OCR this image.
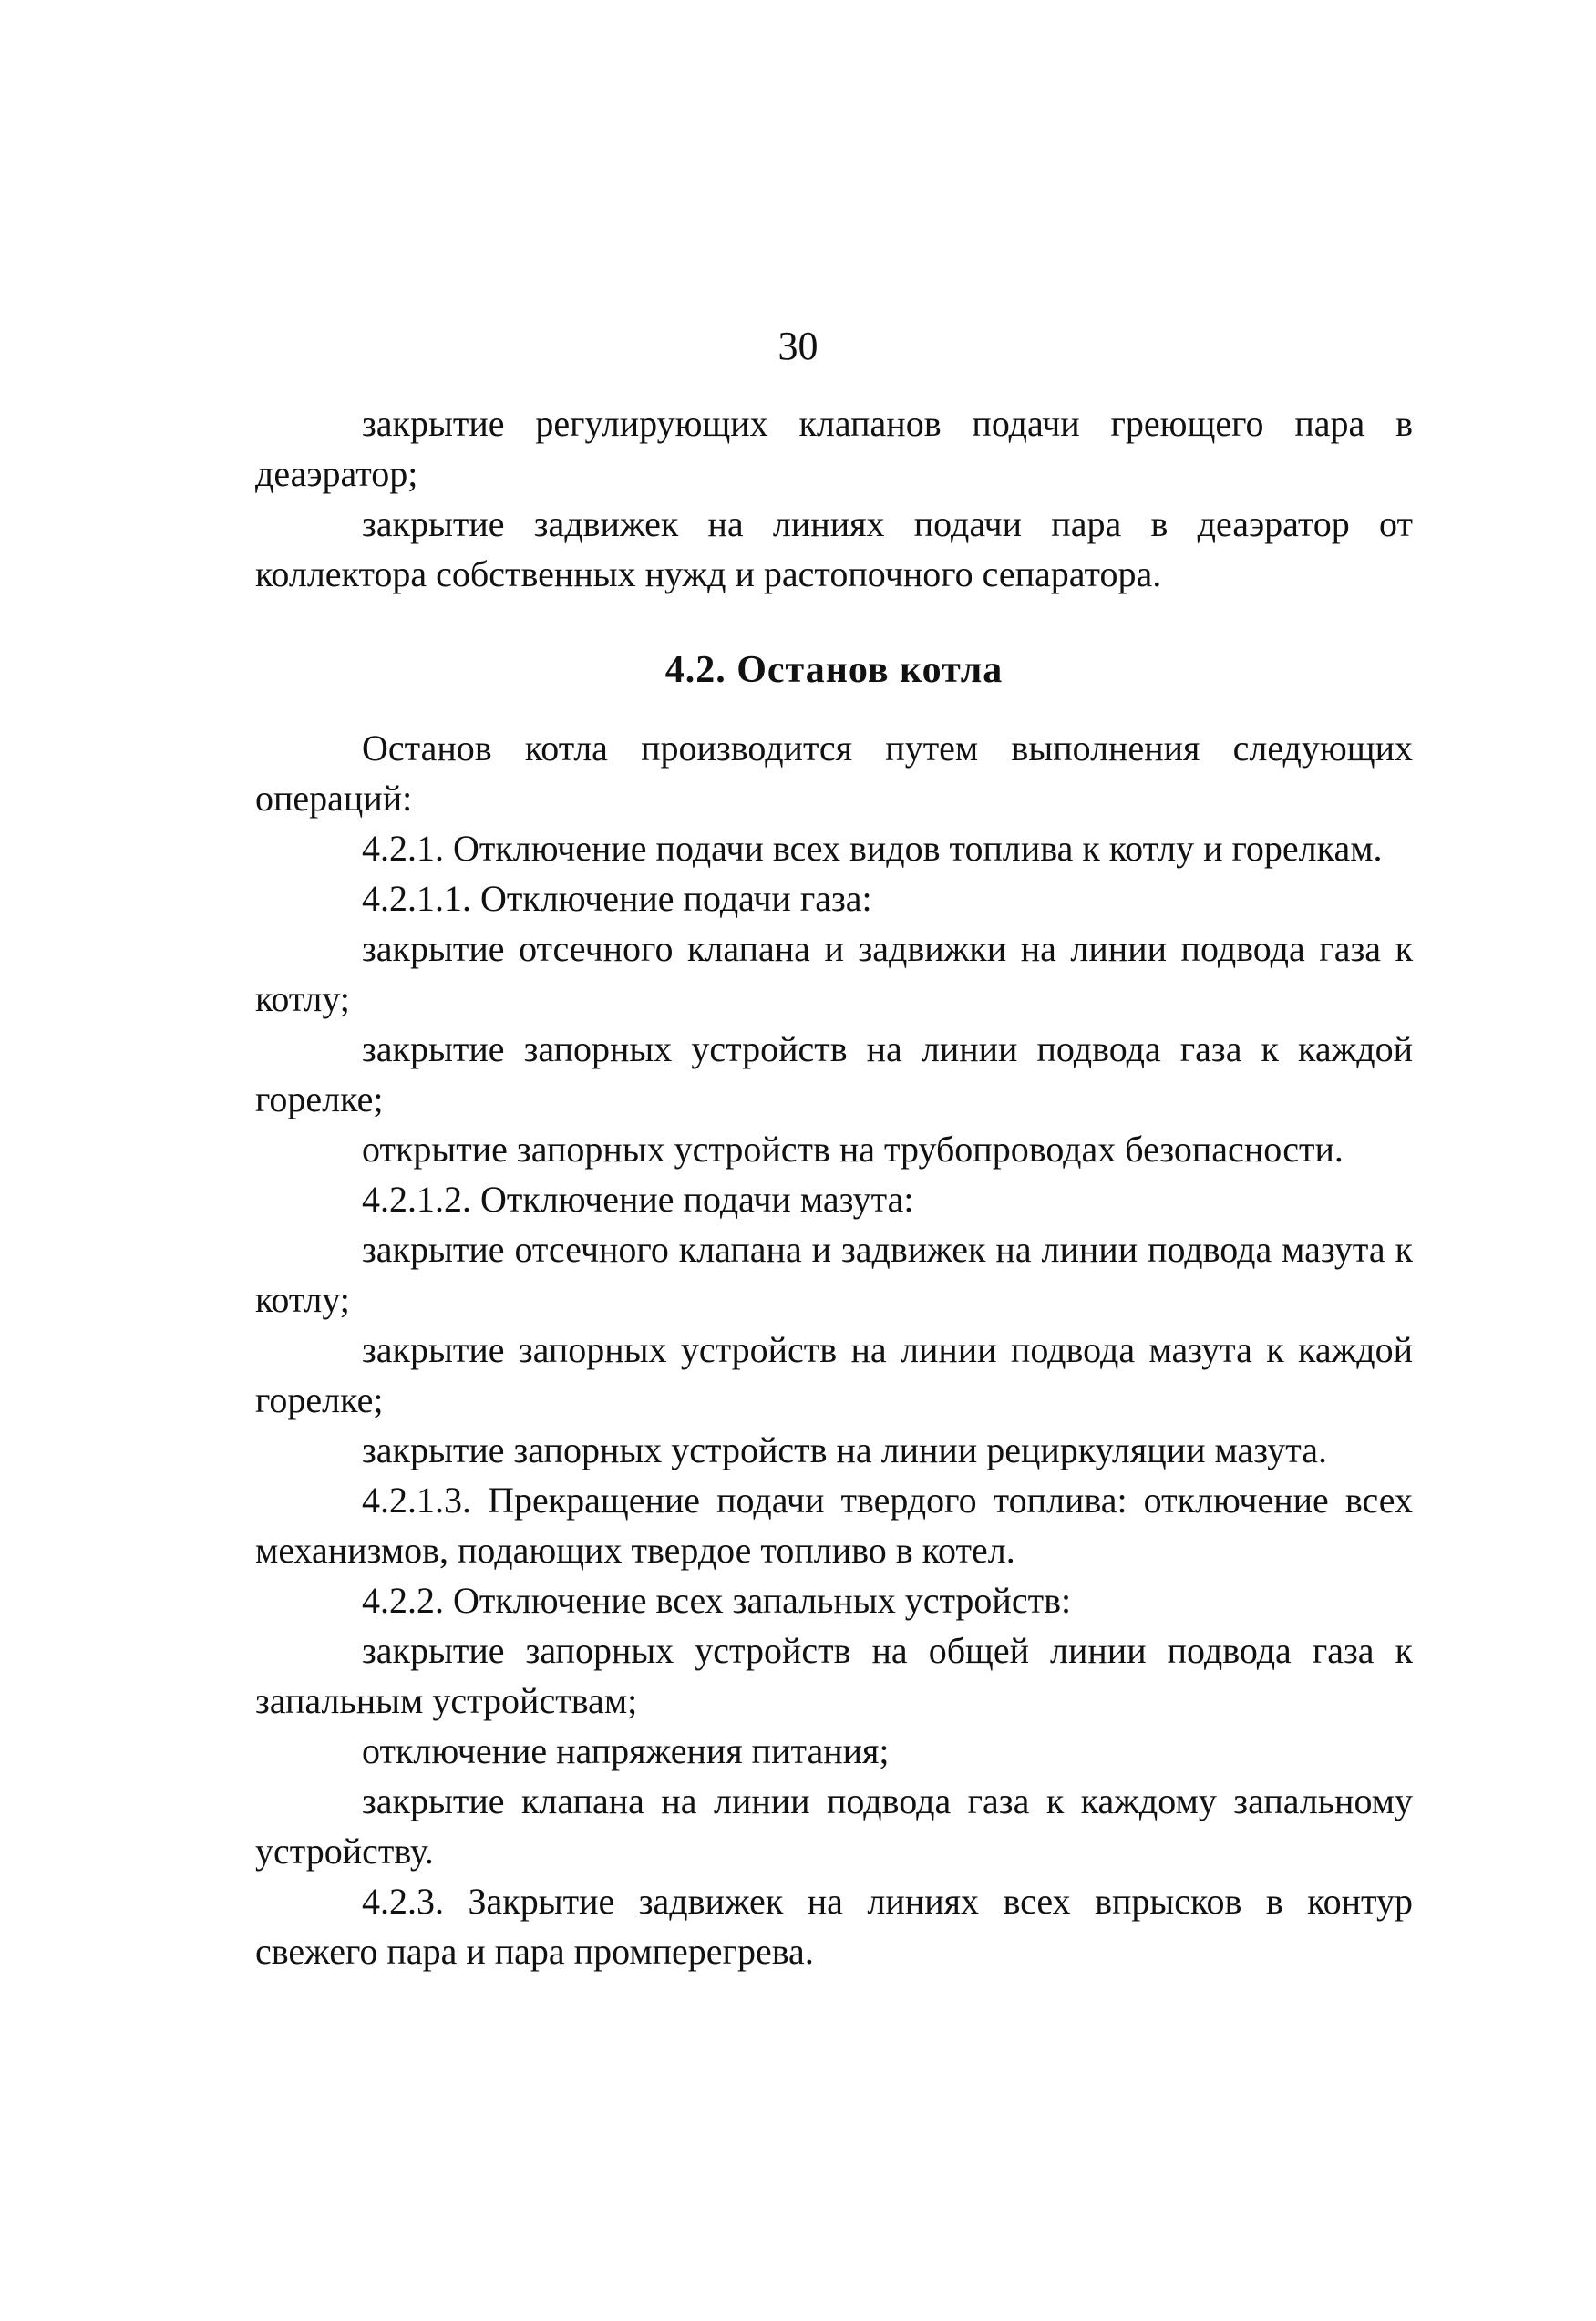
30

закрытие регулирующих клапанов подачи греющего пара в деаэратор;

закрытие задвижек на линиях подачи пара в деаэратор от коллектора собственных нужд и растопочного сепаратора.

4.2. Останов котла

Останов котла производится путем выполнения следующих операций:

4.2.1. Отключение подачи всех видов топлива к котлу и горелкам.

4.2.1.1. Отключение подачи газа:

закрытие отсечного клапана и задвижки на линии подвода газа к котлу;

закрытие запорных устройств на линии подвода газа к каждой горелке;

открытие запорных устройств на трубопроводах безопасности.

4.2.1.2. Отключение подачи мазута:

закрытие отсечного клапана и задвижек на линии подвода мазута к котлу;

закрытие запорных устройств на линии подвода мазута к каждой горелке;

закрытие запорных устройств на линии рециркуляции мазута.

4.2.1.3. Прекращение подачи твердого топлива: отключение всех механизмов, подающих твердое топливо в котел.

4.2.2. Отключение всех запальных устройств:

закрытие запорных устройств на общей линии подвода газа к запальным устройствам;

отключение напряжения питания;

закрытие клапана на линии подвода газа к каждому запальному устройству.

4.2.3. Закрытие задвижек на линиях всех впрысков в контур свежего пара и пара промперегрева.
